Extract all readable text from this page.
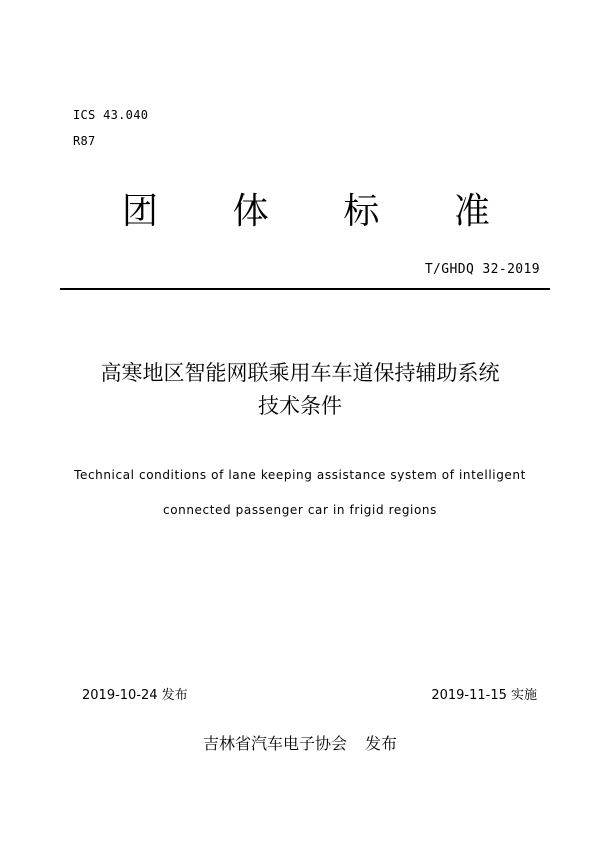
ICS 43.040
R87
团 体 标 准
T/GHDQ 32-2019
高寒地区智能网联乘用车车道保持辅助系统
技术条件
Technical conditions of lane keeping assistance system of intelligent
connected passenger car in frigid regions
2019-10-24 发布	2019-11-15 实施
吉林省汽车电子协会 发布
